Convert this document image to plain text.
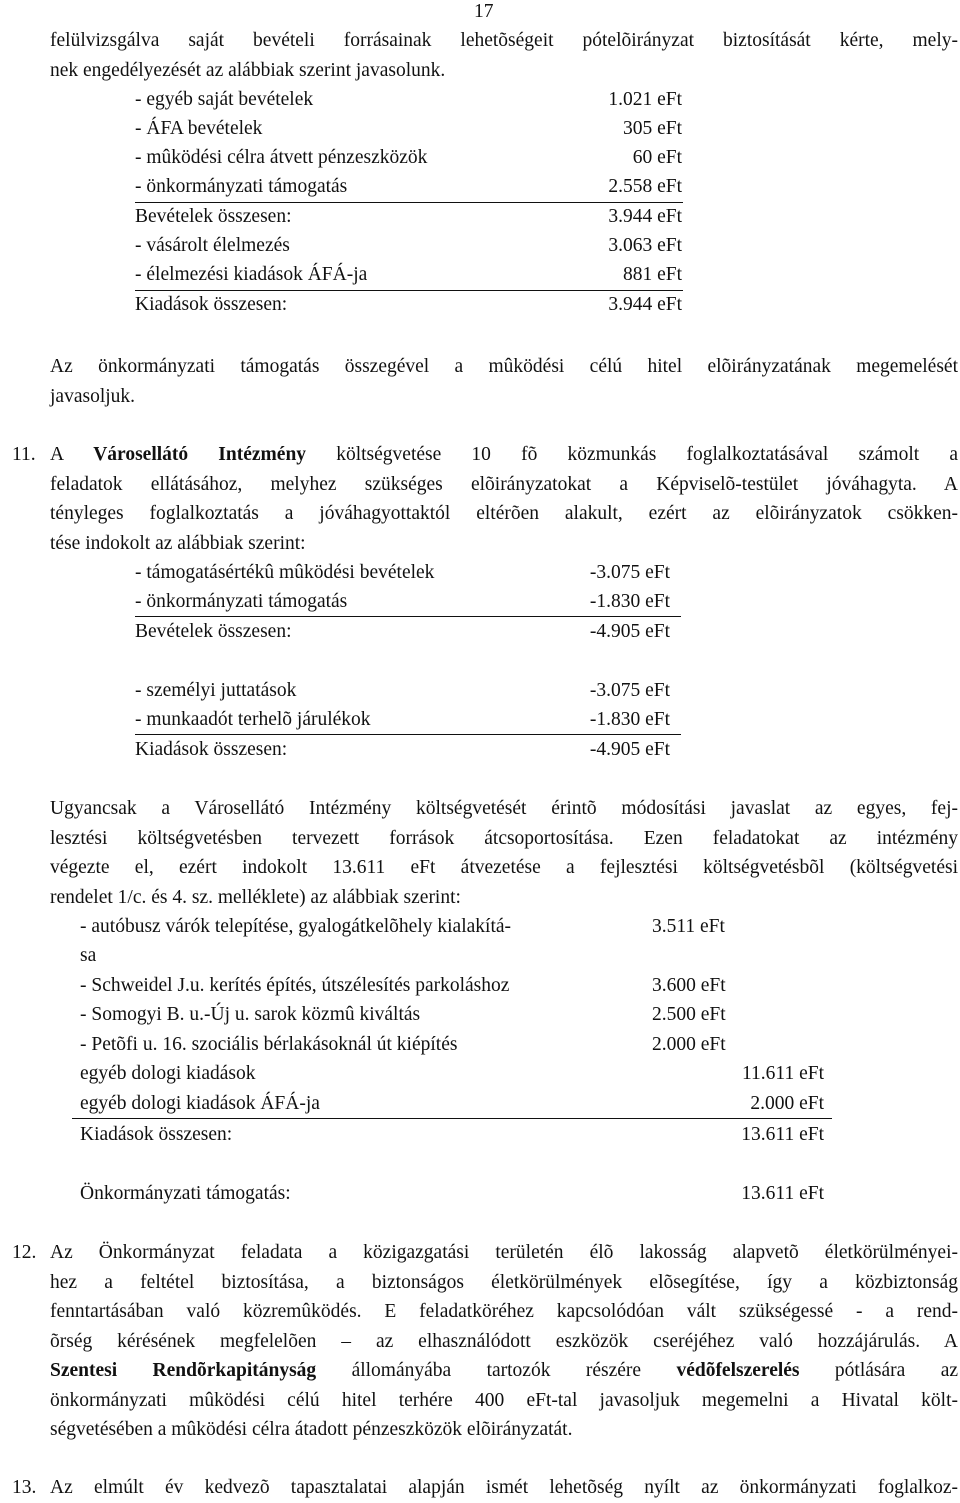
17
felülvizsgálva saját bevételi forrásainak lehetõségeit pótelõirányzat biztosítását kérte, mely-
nek engedélyezését az alábbiak szerint javasolunk.
- egyéb saját bevételek	1.021 eFt
- ÁFA bevételek	305 eFt
- mûködési célra átvett pénzeszközök	60 eFt
- önkormányzati támogatás	2.558 eFt
Bevételek összesen:	3.944 eFt
- vásárolt élelmezés	3.063 eFt
- élelmezési kiadások ÁFÁ-ja	881 eFt
Kiadások összesen:	3.944 eFt
Az önkormányzati támogatás összegével a mûködési célú hitel elõirányzatának megemelését
javasoljuk.
11. A Városellátó Intézmény költségvetése 10 fõ közmunkás foglalkoztatásával számolt a
feladatok ellátásához, melyhez szükséges elõirányzatokat a Képviselõ-testület jóváhagyta. A
tényleges foglalkoztatás a jóváhagyottaktól eltérõen alakult, ezért az elõirányzatok csökken-
tése indokolt az alábbiak szerint:
- támogatásértékû mûködési bevételek	-3.075 eFt
- önkormányzati támogatás	-1.830 eFt
Bevételek összesen:	-4.905 eFt
- személyi juttatások	-3.075 eFt
- munkaadót terhelõ járulékok	-1.830 eFt
Kiadások összesen:	-4.905 eFt
Ugyancsak a Városellátó Intézmény költségvetését érintõ módosítási javaslat az egyes, fej-
lesztési költségvetésben tervezett források átcsoportosítása. Ezen feladatokat az intézmény
végezte el, ezért indokolt 13.611 eFt átvezetése a fejlesztési költségvetésbõl (költségvetési
rendelet 1/c. és 4. sz. melléklete) az alábbiak szerint:
- autóbusz várók telepítése, gyalogátkelõhely kialakítá-	3.511 eFt
sa
- Schweidel J.u. kerítés építés, útszélesítés parkoláshoz	3.600 eFt
- Somogyi B. u.-Új u. sarok közmû kiváltás	2.500 eFt
- Petõfi u. 16. szociális bérlakásoknál út kiépítés	2.000 eFt
egyéb dologi kiadások	11.611 eFt
egyéb dologi kiadások ÁFÁ-ja	2.000 eFt
Kiadások összesen:	13.611 eFt
Önkormányzati támogatás:	13.611 eFt
12. Az Önkormányzat feladata a közigazgatási területén élõ lakosság alapvetõ életkörülményei-
hez a feltétel biztosítása, a biztonságos életkörülmények elõsegítése, így a közbiztonság
fenntartásában való közremûködés. E feladatköréhez kapcsolódóan vált szükségessé - a rend-
õrség kérésének megfelelõen – az elhasználódott eszközök cseréjéhez való hozzájárulás. A
Szentesi Rendõrkapitányság állományába tartozók részére védõfelszerelés pótlására az
önkormányzati mûködési célú hitel terhére 400 eFt-tal javasoljuk megemelni a Hivatal költ-
ségvetésében a mûködési célra átadott pénzeszközök elõirányzatát.
13. Az elmúlt év kedvezõ tapasztalatai alapján ismét lehetõség nyílt az önkormányzati foglalkoz-
